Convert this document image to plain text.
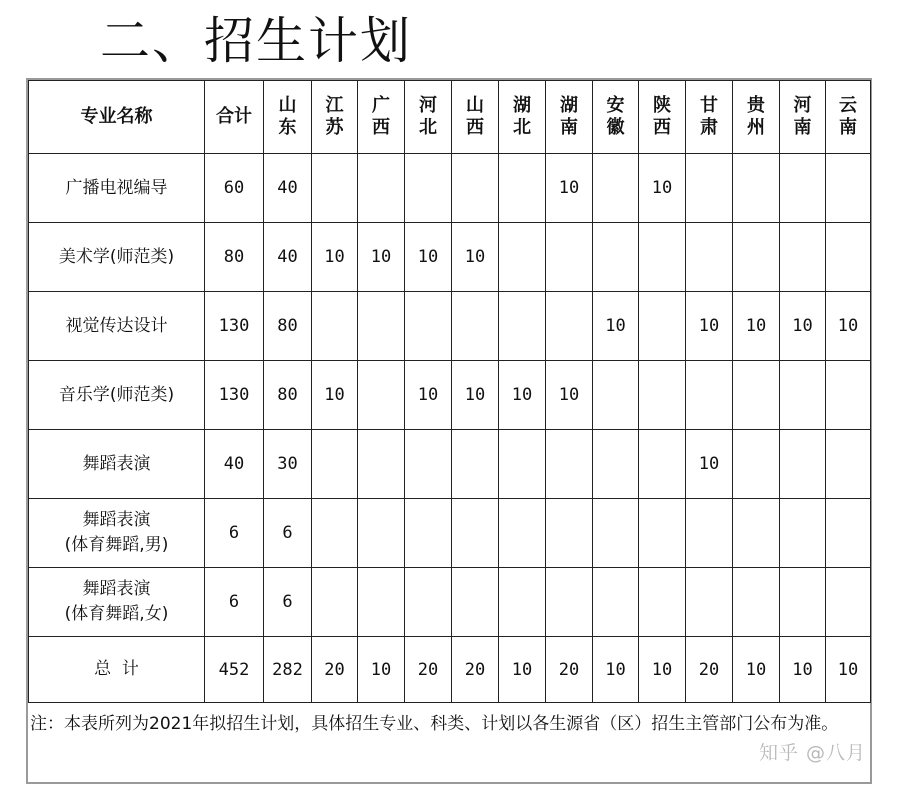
二、招生计划
专业名称	合计	山东	江苏	广西	河北	山西	湖北	湖南	安徽	陕西	甘肃	贵州	河南	云南

广播电视编导	60	40						10		10				

美术学(师范类)	80	40	10	10	10	10								

视觉传达设计	130	80							10		10	10	10	10

音乐学(师范类)	130	80	10		10	10	10	10						

舞蹈表演	40	30									10			

舞蹈表演
(体育舞蹈,男)	6	6												

舞蹈表演
(体育舞蹈,女)	6	6												
总  计	452	282	20	10	20	20	10	20	10	10	20	10	10	10
注：本表所列为2021年拟招生计划，具体招生专业、科类、计划以各生源省（区）招生主管部门公布为准。
知乎 @八月
